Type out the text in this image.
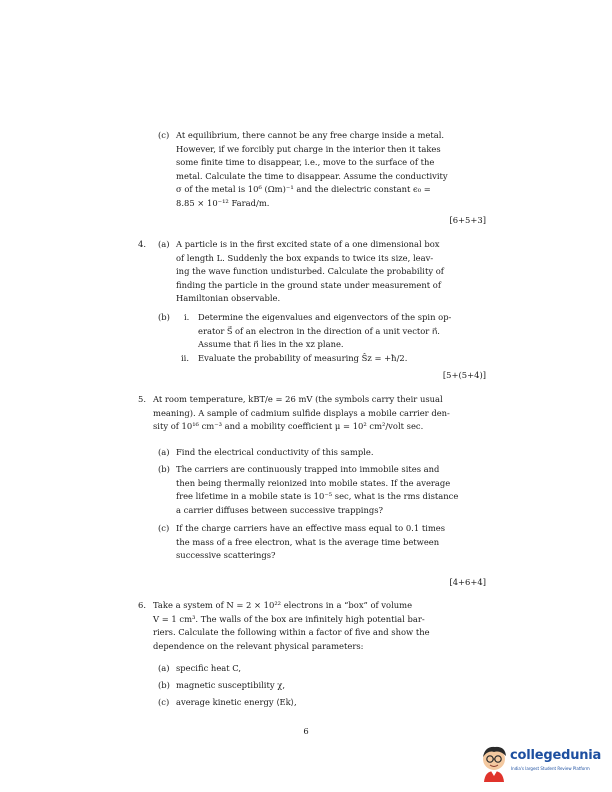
(c) At equilibrium, there cannot be any free charge inside a metal.
However, if we forcibly put charge in the interior then it takes
some finite time to disappear, i.e., move to the surface of the
metal. Calculate the time to disappear. Assume the conductivity
σ of the metal is 10⁶ (Ωm)⁻¹ and the dielectric constant ϵ₀ =
8.85 × 10⁻¹² Farad/m.
[6+5+3]
4. (a) A particle is in the first excited state of a one dimensional box
of length L. Suddenly the box expands to twice its size, leav-
ing the wave function undisturbed. Calculate the probability of
finding the particle in the ground state under measurement of
Hamiltonian observable.
(b) i. Determine the eigenvalues and eigenvectors of the spin op-
erator S⃗ of an electron in the direction of a unit vector n⃗.
Assume that n⃗ lies in the xz plane.
ii. Evaluate the probability of measuring Ŝz = +ħ/2.
[5+(5+4)]
5. At room temperature, kBT/e = 26 mV (the symbols carry their usual
meaning). A sample of cadmium sulfide displays a mobile carrier den-
sity of 10¹⁶ cm⁻³ and a mobility coefficient μ = 10² cm²/volt sec.
(a) Find the electrical conductivity of this sample.
(b) The carriers are continuously trapped into immobile sites and
then being thermally reionized into mobile states. If the average
free lifetime in a mobile state is 10⁻⁵ sec, what is the rms distance
a carrier diffuses between successive trappings?
(c) If the charge carriers have an effective mass equal to 0.1 times
the mass of a free electron, what is the average time between
successive scatterings?
[4+6+4]
6. Take a system of N = 2 × 10²² electrons in a “box” of volume
V = 1 cm³. The walls of the box are infinitely high potential bar-
riers. Calculate the following within a factor of five and show the
dependence on the relevant physical parameters:
(a) specific heat C,
(b) magnetic susceptibility χ,
(c) average kinetic energy ⟨Ek⟩,
6
collegedunia
India's largest Student Review Platform
